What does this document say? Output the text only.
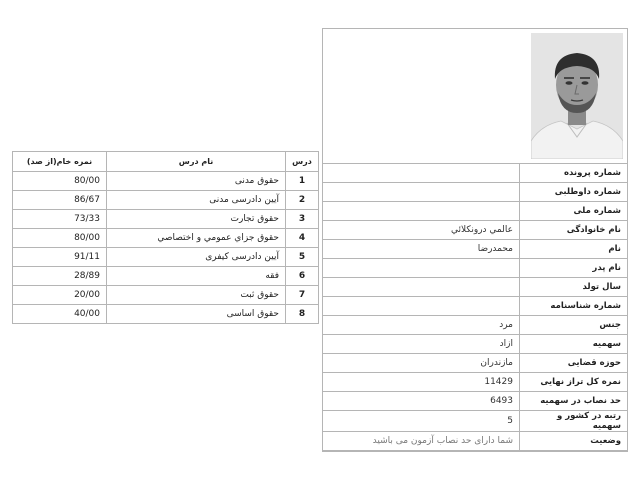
نمره خام(از صد)	نام درس	درس
80/00	حقوق مدنی	1
86/67	آیین دادرسی مدنی	2
73/33	حقوق تجارت	3
80/00	حقوق جزاي عمومي و اختصاصي	4
91/11	آیین دادرسی کیفری	5
28/89	فقه	6
20/00	حقوق ثبت	7
40/00	حقوق اساسی	8
	شماره پرونده
	شماره داوطلبی
	شماره ملی
عالمي درونكلائي	نام خانوادگی
محمدرضا	نام
	نام پدر
	سال تولد
	شماره شناسنامه
مرد	جنس
ازاد	سهمیه
مازندران	حوزه قضایی
11429	نمره کل تراز نهایی
6493	حد نصاب در سهمیه
5	رتبه در کشور و سهمیه
شما دارای حد نصاب آزمون می باشید	وضعیت
